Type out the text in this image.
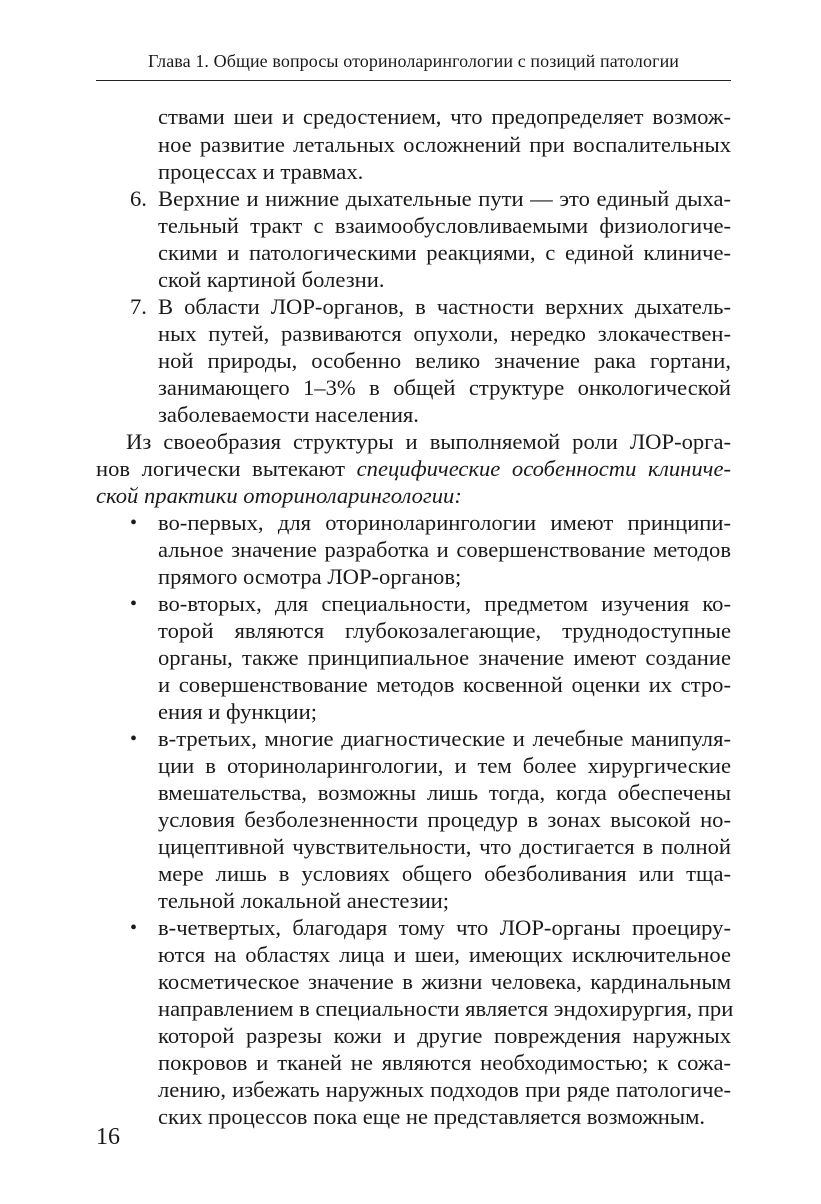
Глава 1. Общие вопросы оториноларингологии с позиций патологии
ствами шеи и средостением, что предопределяет возмож-
ное развитие летальных осложнений при воспалительных
процессах и травмах.
6. Верхние и нижние дыхательные пути — это единый дыха-
тельный тракт с взаимообусловливаемыми физиологиче-
скими и патологическими реакциями, с единой клиниче-
ской картиной болезни.
7. В области ЛОР-органов, в частности верхних дыхатель-
ных путей, развиваются опухоли, нередко злокачествен-
ной природы, особенно велико значение рака гортани,
занимающего 1–3% в общей структуре онкологической
заболеваемости населения.
Из своеобразия структуры и выполняемой роли ЛОР-орга-
нов логически вытекают специфические особенности клиниче-
ской практики оториноларингологии:
• во-первых, для оториноларингологии имеют принципи-
альное значение разработка и совершенствование методов
прямого осмотра ЛОР-органов;
• во-вторых, для специальности, предметом изучения ко-
торой являются глубокозалегающие, труднодоступные
органы, также принципиальное значение имеют создание
и совершенствование методов косвенной оценки их стро-
ения и функции;
• в-третьих, многие диагностические и лечебные манипуля-
ции в оториноларингологии, и тем более хирургические
вмешательства, возможны лишь тогда, когда обеспечены
условия безболезненности процедур в зонах высокой но-
цицептивной чувствительности, что достигается в полной
мере лишь в условиях общего обезболивания или тща-
тельной локальной анестезии;
• в-четвертых, благодаря тому что ЛОР-органы проециру-
ются на областях лица и шеи, имеющих исключительное
косметическое значение в жизни человека, кардинальным
направлением в специальности является эндохирургия, при
которой разрезы кожи и другие повреждения наружных
покровов и тканей не являются необходимостью; к сожа-
лению, избежать наружных подходов при ряде патологиче-
ских процессов пока еще не представляется возможным.
16
